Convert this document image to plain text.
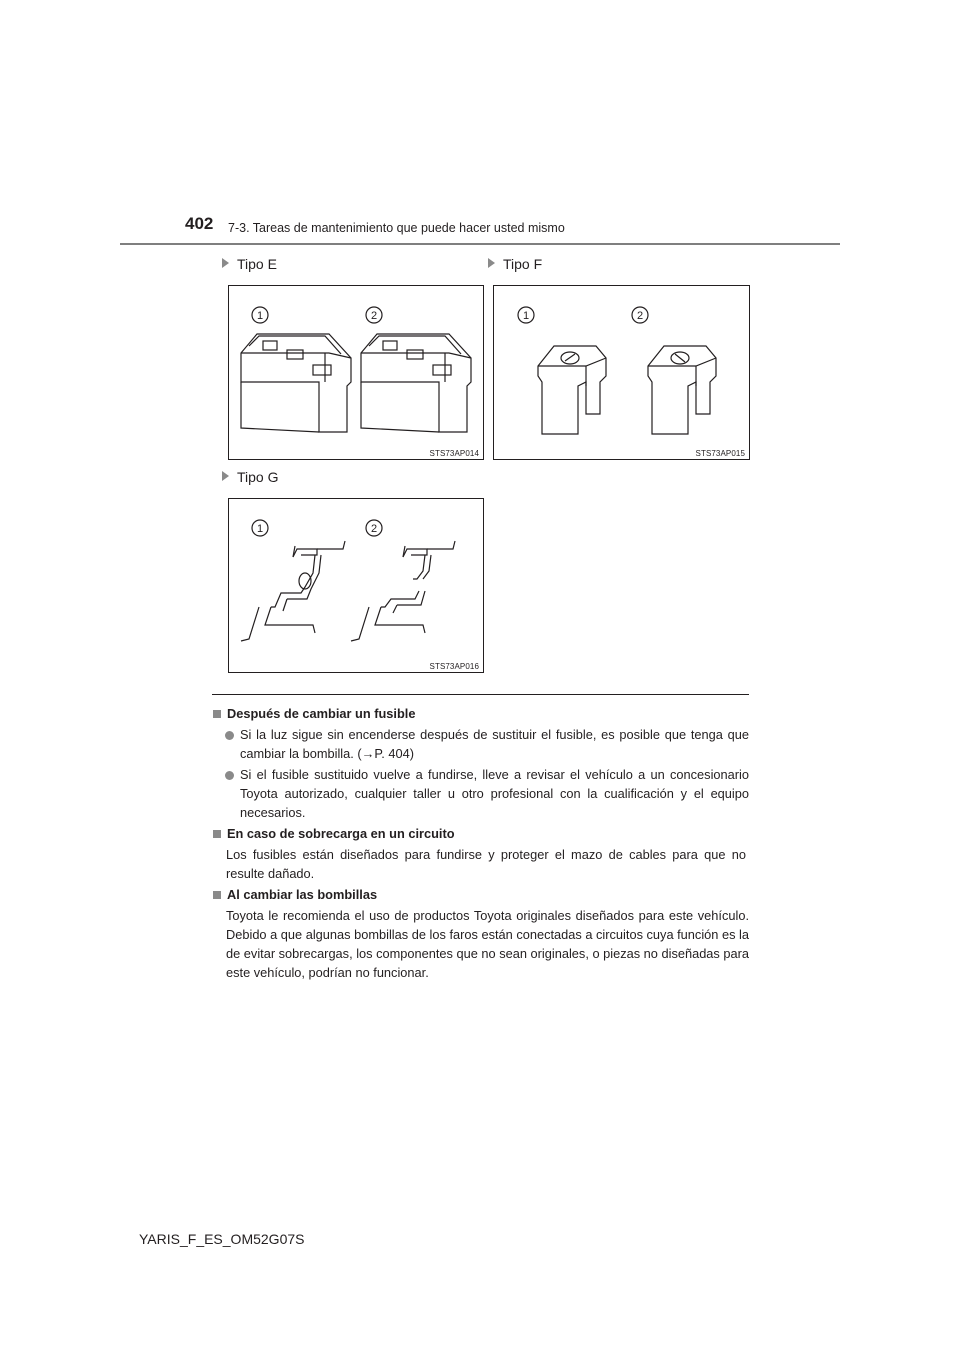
402 7-3. Tareas de mantenimiento que puede hacer usted mismo
Tipo E	Tipo F
Tipo G
1	2
STS73AP014
1	2
STS73AP015
1	2
STS73AP016
Después de cambiar un fusible
Si la luz sigue sin encenderse después de sustituir el fusible, es posible que tenga que cambiar la bombilla. (→P. 404)
Si el fusible sustituido vuelve a fundirse, lleve a revisar el vehículo a un concesionario Toyota autorizado, cualquier taller u otro profesional con la cualificación y el equipo necesarios.
En caso de sobrecarga en un circuito
Los fusibles están diseñados para fundirse y proteger el mazo de cables para que no resulte dañado.
Al cambiar las bombillas
Toyota le recomienda el uso de productos Toyota originales diseñados para este vehículo. Debido a que algunas bombillas de los faros están conectadas a circuitos cuya función es la de evitar sobrecargas, los componentes que no sean originales, o piezas no diseñadas para este vehículo, podrían no funcionar.
YARIS_F_ES_OM52G07S
